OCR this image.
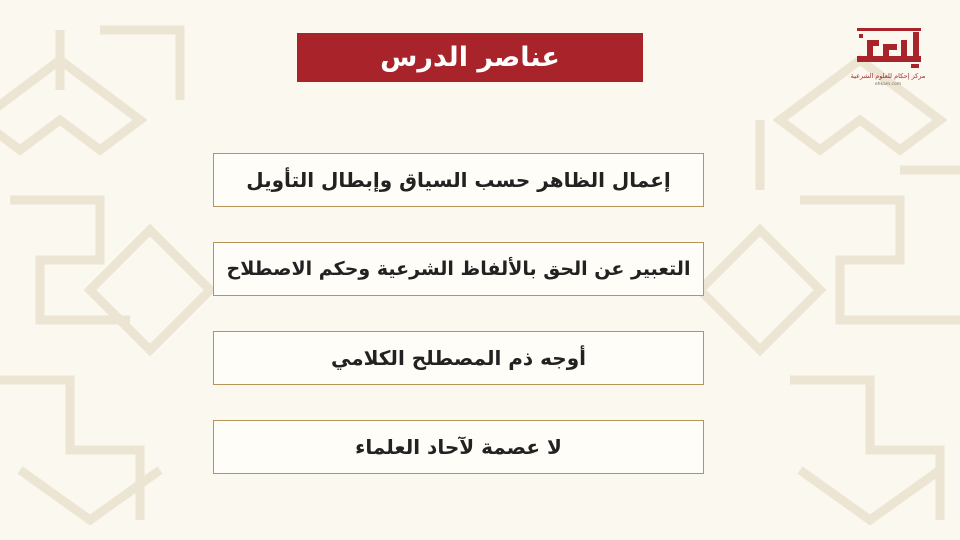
مركز إحكام للعلوم الشرعية
ehkam.com
عناصر الدرس
إعمال الظاهر حسب السياق وإبطال التأويل
التعبير عن الحق بالألفاظ الشرعية وحكم الاصطلاح
أوجه ذم المصطلح الكلامي
لا عصمة لآحاد العلماء
